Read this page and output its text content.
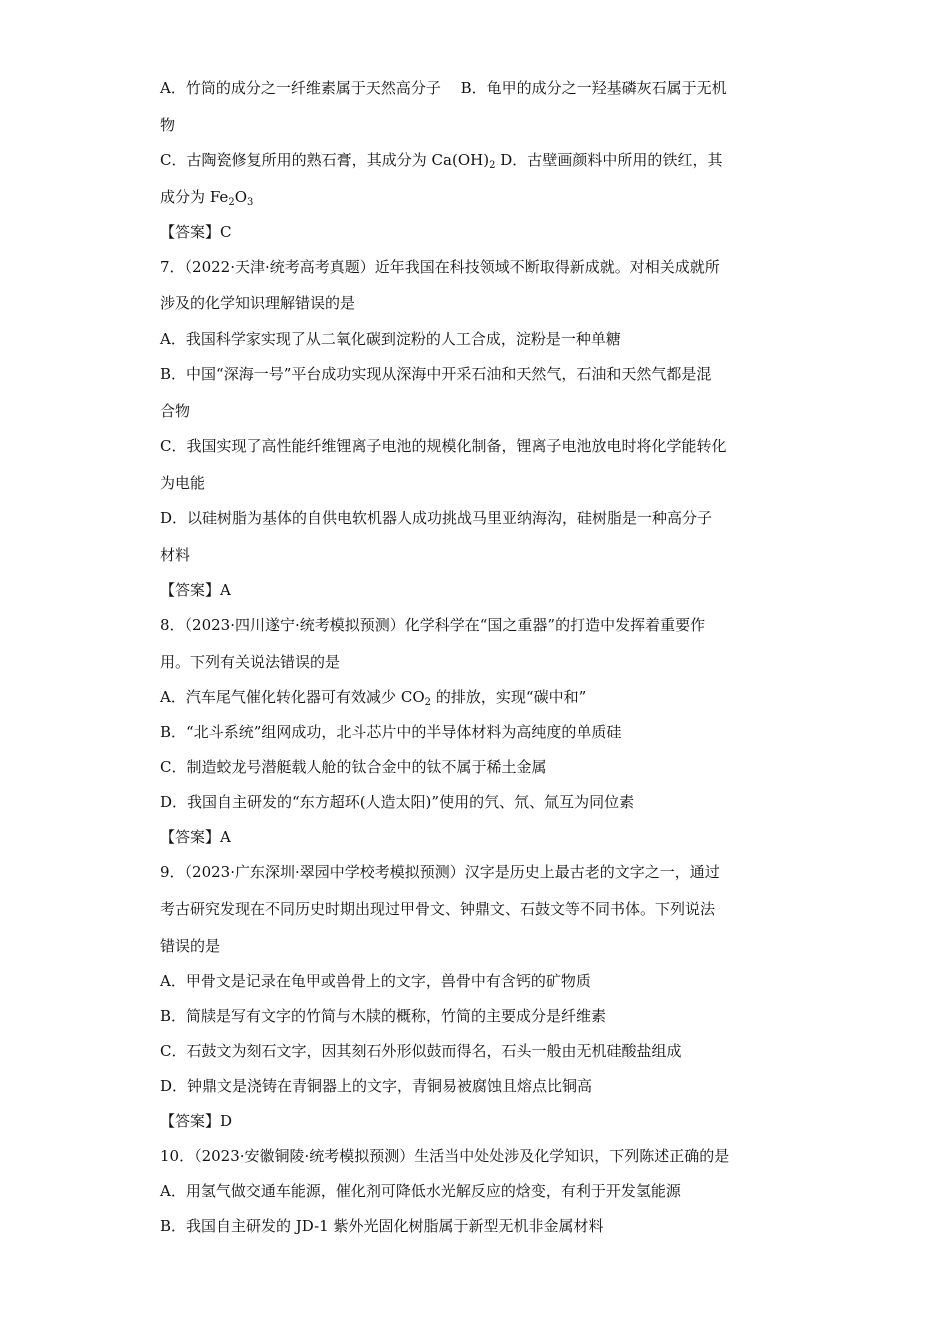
A．竹筒的成分之一纤维素属于天然高分子　 B．龟甲的成分之一羟基磷灰石属于无机
物
C．古陶瓷修复所用的熟石膏，其成分为 $Ca(OH)_2$ D．古壁画颜料中所用的铁红，其
成分为 $Fe_2O_3$
【答案】C
7．（2022·天津·统考高考真题）近年我国在科技领域不断取得新成就。对相关成就所
涉及的化学知识理解错误的是
A．我国科学家实现了从二氧化碳到淀粉的人工合成，淀粉是一种单糖
B．中国“深海一号”平台成功实现从深海中开采石油和天然气，石油和天然气都是混
合物
C．我国实现了高性能纤维锂离子电池的规模化制备，锂离子电池放电时将化学能转化
为电能
D．以硅树脂为基体的自供电软机器人成功挑战马里亚纳海沟，硅树脂是一种高分子
材料
【答案】A
8．（2023·四川遂宁·统考模拟预测）化学科学在“国之重器”的打造中发挥着重要作
用。下列有关说法错误的是
A．汽车尾气催化转化器可有效减少 $CO_2$ 的排放，实现“碳中和”
B．“北斗系统”组网成功，北斗芯片中的半导体材料为高纯度的单质硅
C．制造蛟龙号潜艇载人舱的钛合金中的钛不属于稀土金属
D．我国自主研发的“东方超环(人造太阳)”使用的氕、氘、氚互为同位素
【答案】A
9．（2023·广东深圳·翠园中学校考模拟预测）汉字是历史上最古老的文字之一，通过
考古研究发现在不同历史时期出现过甲骨文、钟鼎文、石鼓文等不同书体。下列说法
错误的是
A．甲骨文是记录在龟甲或兽骨上的文字，兽骨中有含钙的矿物质
B．简牍是写有文字的竹简与木牍的概称，竹简的主要成分是纤维素
C．石鼓文为刻石文字，因其刻石外形似鼓而得名，石头一般由无机硅酸盐组成
D．钟鼎文是浇铸在青铜器上的文字，青铜易被腐蚀且熔点比铜高
【答案】D
10．（2023·安徽铜陵·统考模拟预测）生活当中处处涉及化学知识，下列陈述正确的是
A．用氢气做交通车能源，催化剂可降低水光解反应的焓变，有利于开发氢能源
B．我国自主研发的 JD-1 紫外光固化树脂属于新型无机非金属材料
